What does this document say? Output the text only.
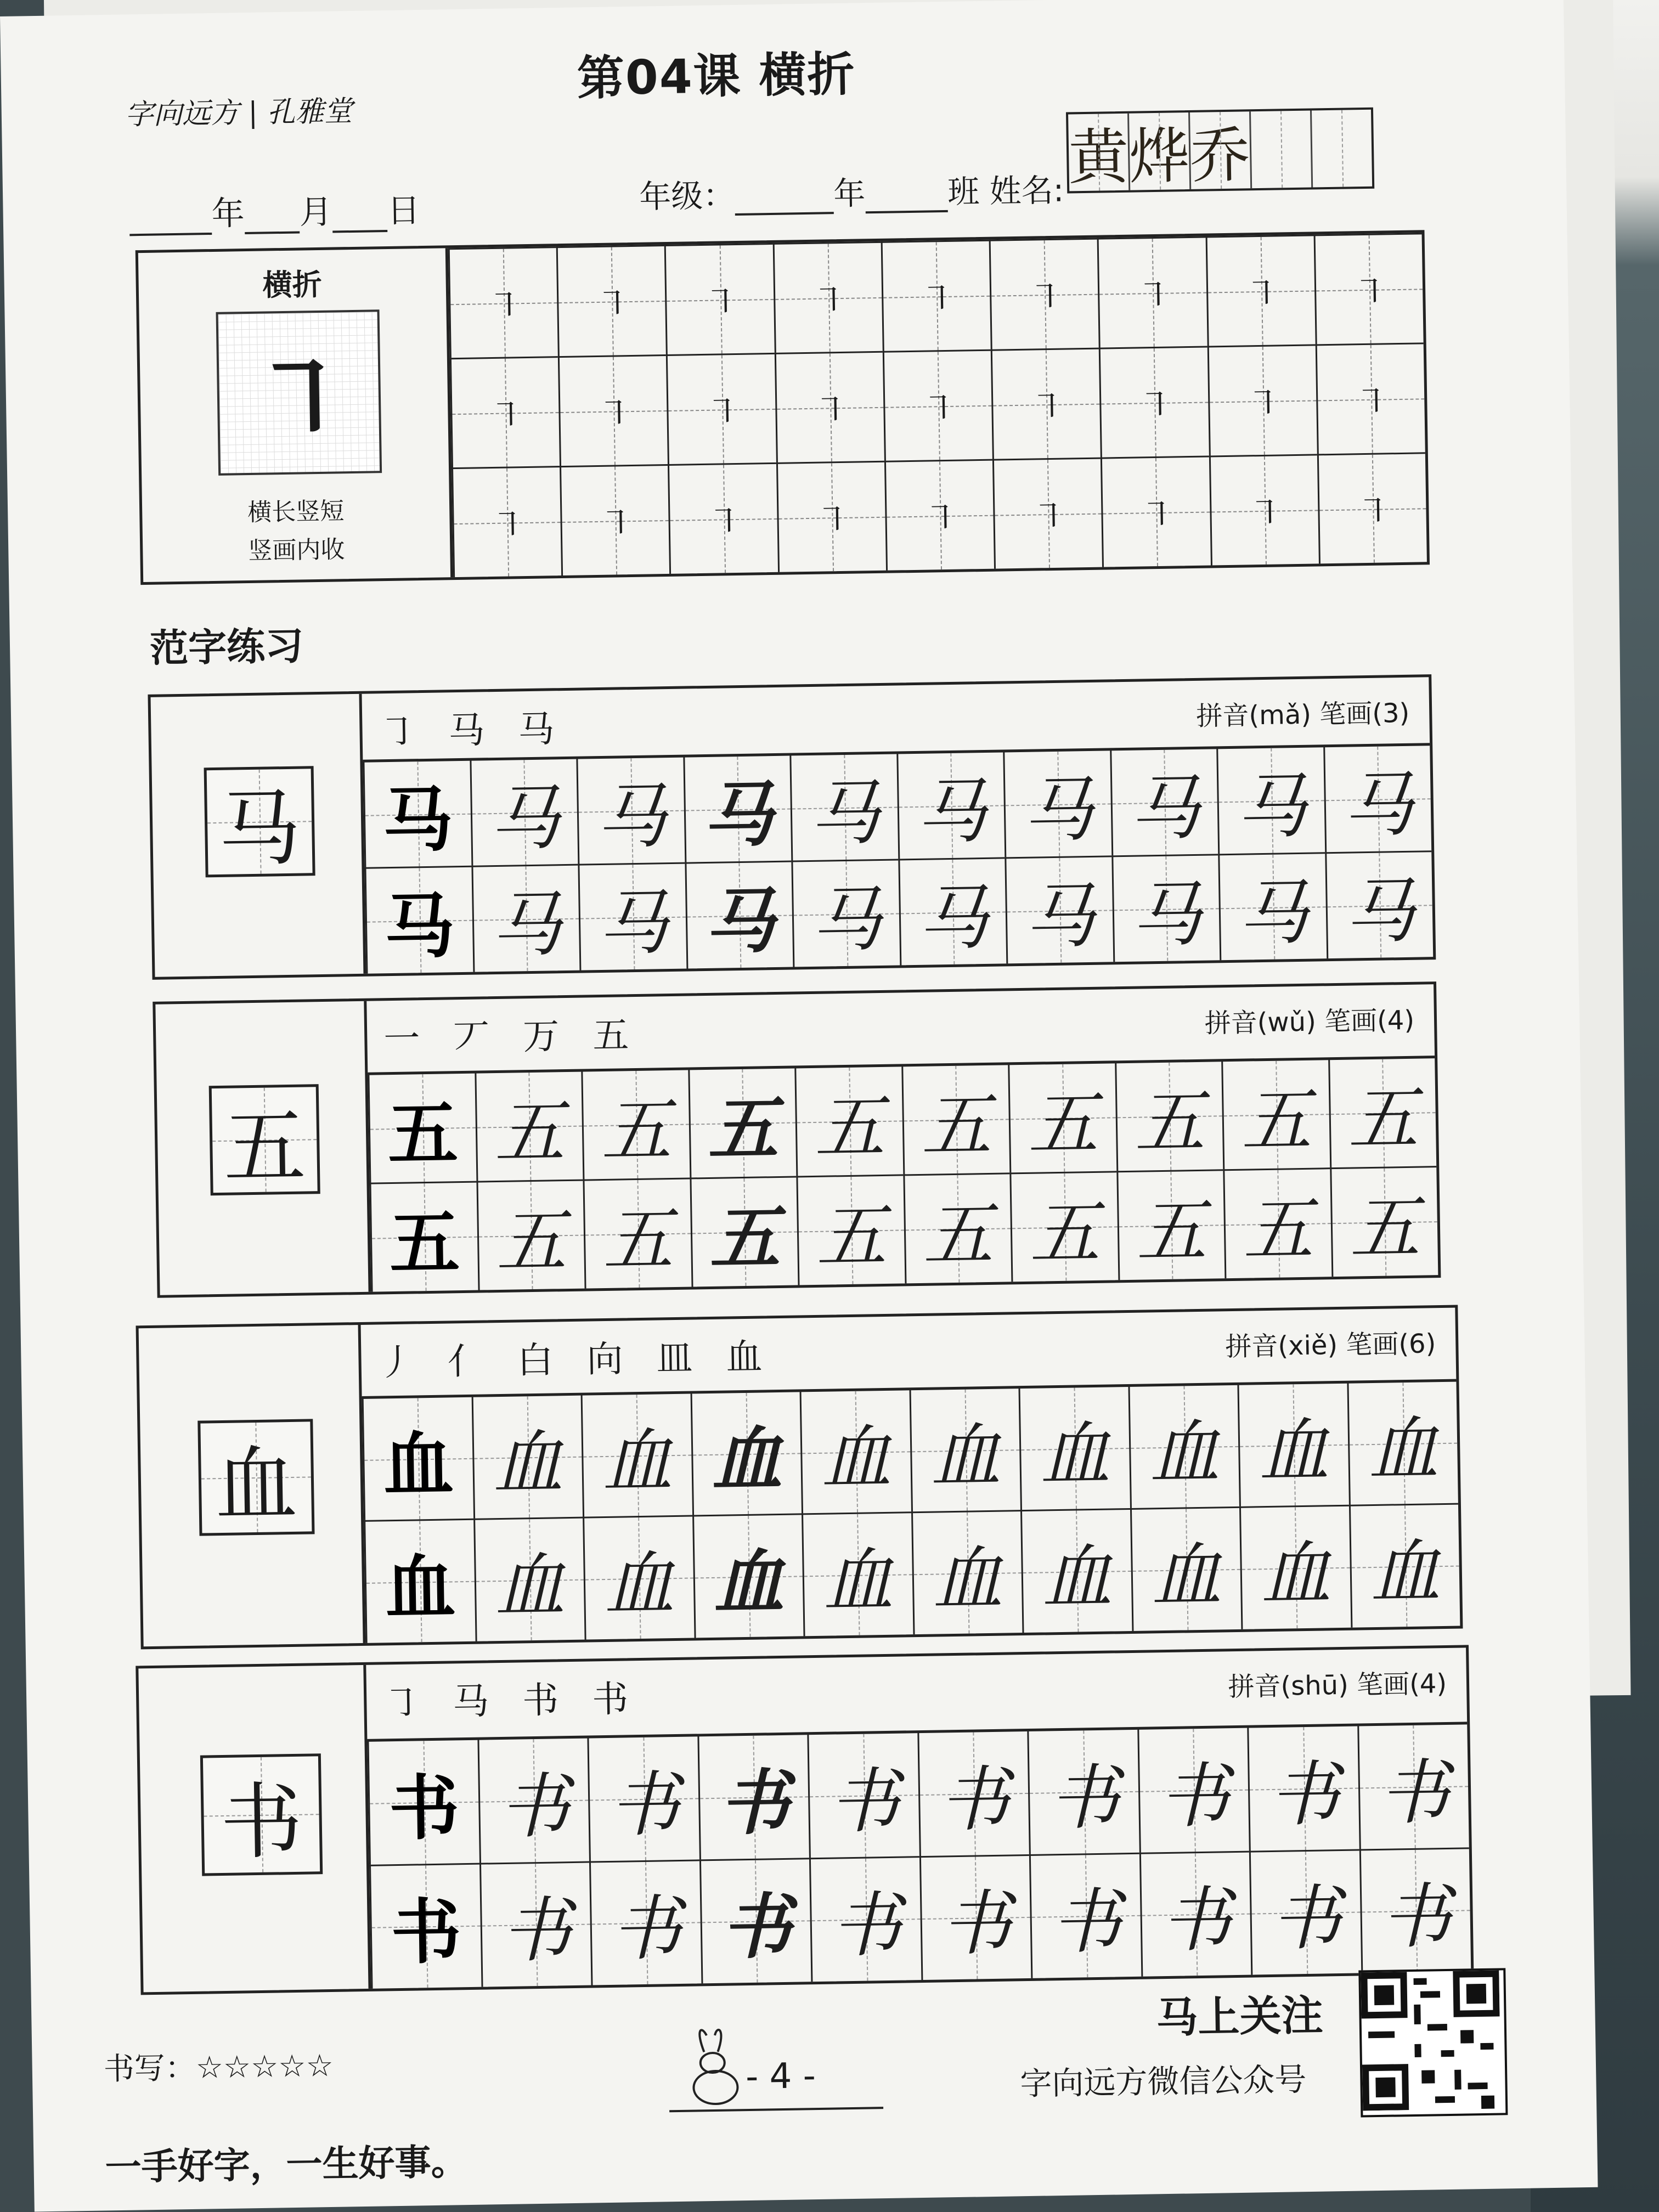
字向远方 | 孔雅堂
第04课 横折
年 月 日	年级：	年	班 姓名: 黄
烨
乔
横折
㇕
横长竖短
竖画内收
㇕ ㇕ ㇕ ㇕ ㇕ ㇕ ㇕ ㇕ ㇕
㇕ ㇕ ㇕ ㇕ ㇕ ㇕ ㇕ ㇕ ㇕
㇕ ㇕ ㇕ ㇕ ㇕ ㇕ ㇕ ㇕ ㇕
范字练习
马
㇆ 马 马	拼音(mǎ) 笔画(3)
马 马 马 马 马 马 马 马 马 马
马 马 马 马 马 马 马 马 马 马
五
一 丆 万 五	拼音(wǔ) 笔画(4)
五 五 五 五 五 五 五 五 五 五
五 五 五 五 五 五 五 五 五 五
血
丿 亻 白 向 皿 血	拼音(xiě) 笔画(6)
血 血 血 血 血 血 血 血 血 血
血 血 血 血 血 血 血 血 血 血
书
㇆ 马 书 书	拼音(shū) 笔画(4)
书 书 书 书 书 书 书 书 书 书
书 书 书 书 书 书 书 书 书 书
书写：☆☆☆☆☆
一手好字，一生好事。
- 4 -
马上关注
字向远方微信公众号
